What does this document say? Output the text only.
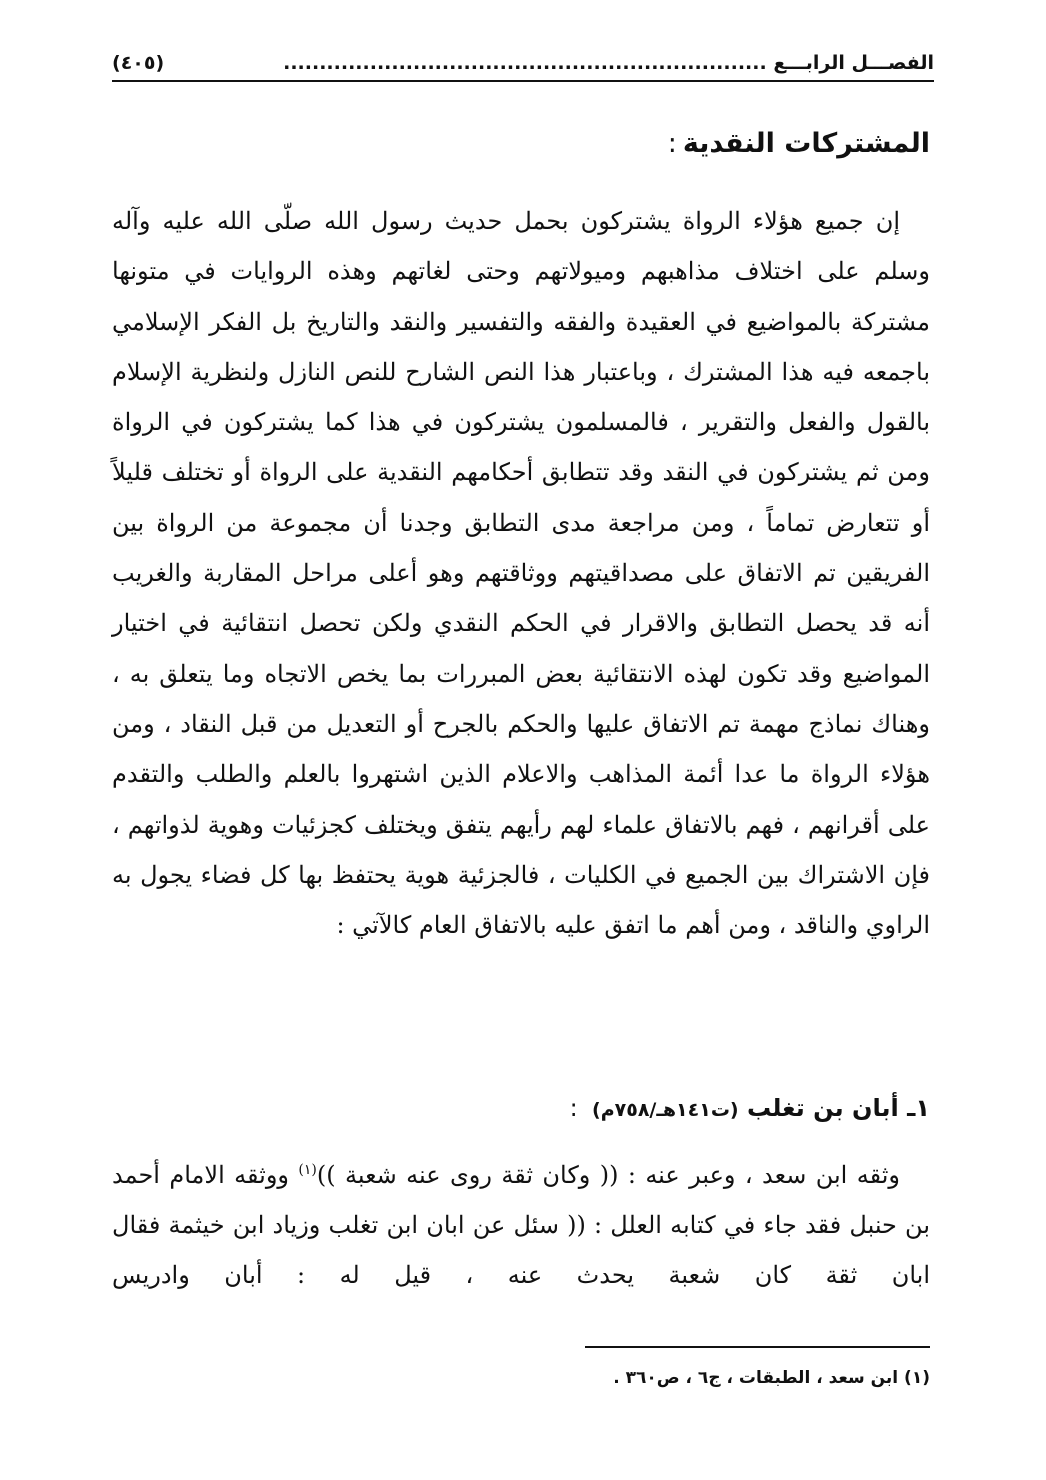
الفصـــل الرابـــع ...................................................................
(٤٠٥)
المشتركات النقدية:

إن جميع هؤلاء الرواة يشتركون بحمل حديث رسول الله صلّى الله عليه وآله وسلم على اختلاف مذاهبهم وميولاتهم وحتى لغاتهم وهذه الروايات في متونها مشتركة بالمواضيع في العقيدة والفقه والتفسير والنقد والتاريخ بل الفكر الإسلامي باجمعه فيه هذا المشترك ، وباعتبار هذا النص الشارح للنص النازل ولنظرية الإسلام بالقول والفعل والتقرير ، فالمسلمون يشتركون في هذا كما يشتركون في الرواة ومن ثم يشتركون في النقد وقد تتطابق أحكامهم النقدية على الرواة أو تختلف قليلاً أو تتعارض تماماً ، ومن مراجعة مدى التطابق وجدنا أن مجموعة من الرواة بين الفريقين تم الاتفاق على مصداقيتهم ووثاقتهم وهو أعلى مراحل المقاربة والغريب أنه قد يحصل التطابق والاقرار في الحكم النقدي ولكن تحصل انتقائية في اختيار المواضيع وقد تكون لهذه الانتقائية بعض المبررات بما يخص الاتجاه وما يتعلق به ، وهناك نماذج مهمة تم الاتفاق عليها والحكم بالجرح أو التعديل من قبل النقاد ، ومن هؤلاء الرواة ما عدا أئمة المذاهب والاعلام الذين اشتهروا بالعلم والطلب والتقدم على أقرانهم ، فهم بالاتفاق علماء لهم رأيهم يتفق ويختلف كجزئيات وهوية لذواتهم ، فإن الاشتراك بين الجميع في الكليات ، فالجزئية هوية يحتفظ بها كل فضاء يجول به الراوي والناقد ، ومن أهم ما اتفق عليه بالاتفاق العام كالآتي :

١ـ أبان بن تغلب (ت١٤١هـ/٧٥٨م) :

وثقه ابن سعد ، وعبر عنه : (( وكان ثقة روى عنه شعبة ))$^{(١)}$ ووثقه الامام أحمد بن حنبل فقد جاء في كتابه العلل : (( سئل عن ابان ابن تغلب وزياد ابن خيثمة فقال ابان ثقة كان شعبة يحدث عنه ، قيل له : أبان وادريس

(١) ابن سعد ، الطبقات ، ج٦ ، ص٣٦٠ .
